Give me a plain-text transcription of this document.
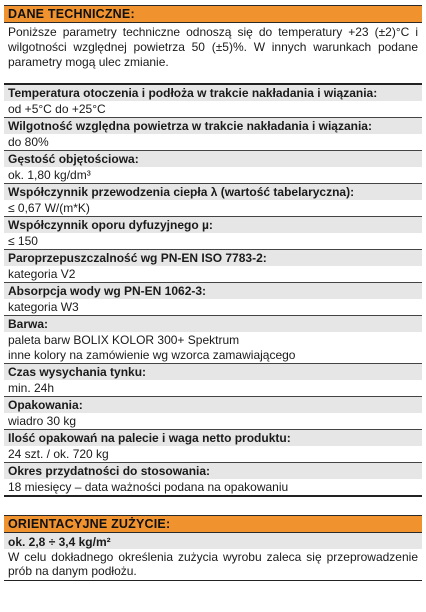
DANE TECHNICZNE:
Poniższe parametry techniczne odnoszą się do temperatury +23 (±2)°C i wilgotności względnej powietrza 50 (±5)%. W innych warunkach podane parametry mogą ulec zmianie.
Temperatura otoczenia i podłoża w trakcie nakładania i wiązania:
od +5°C do +25°C
Wilgotność względna powietrza w trakcie nakładania i wiązania:
do 80%
Gęstość objętościowa:
ok. 1,80 kg/dm³
Współczynnik przewodzenia ciepła λ (wartość tabelaryczna):
≤ 0,67 W/(m*K)
Współczynnik oporu dyfuzyjnego µ:
≤ 150
Paroprzepuszczalność wg PN-EN ISO 7783-2:
kategoria V2
Absorpcja wody wg PN-EN 1062-3:
kategoria W3
Barwa:
paleta barw BOLIX KOLOR 300+ Spektrum
inne kolory na zamówienie wg wzorca zamawiającego
Czas wysychania tynku:
min. 24h
Opakowania:
wiadro 30 kg
Ilość opakowań na palecie i waga netto produktu:
24 szt. / ok. 720 kg
Okres przydatności do stosowania:
18 miesięcy – data ważności podana na opakowaniu
ORIENTACYJNE ZUŻYCIE:
ok. 2,8 ÷ 3,4 kg/m²
W celu dokładnego określenia zużycia wyrobu zaleca się przeprowadzenie prób na danym podłożu.
